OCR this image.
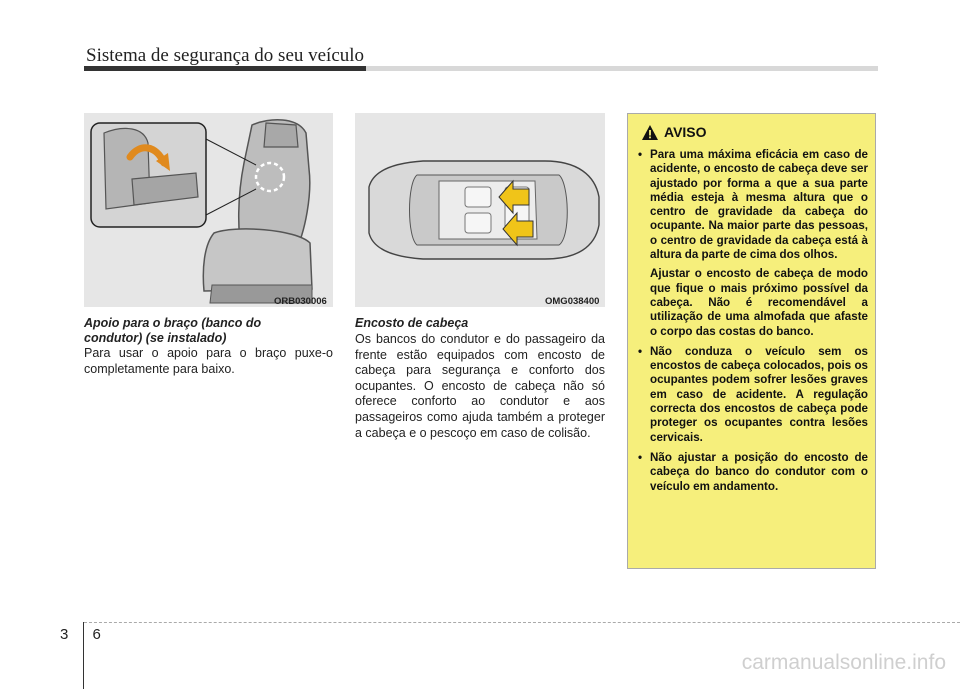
Sistema de segurança do seu veículo
ORB030006
Apoio para o braço (banco do condutor) (se instalado)
Para usar o apoio para o braço puxe-o completamente para baixo.
OMG038400
Encosto de cabeça
Os bancos do condutor e do passageiro da frente estão equipados com encosto de cabeça para segurança e conforto dos ocupantes. O encosto de cabeça não só oferece conforto ao condutor e aos passageiros como ajuda também a proteger a cabeça e o pescoço em caso de colisão.
AVISO

• Para uma máxima eficácia em caso de acidente, o encosto de cabeça deve ser ajustado por forma a que a sua parte média esteja à mesma altura que o centro de gravidade da cabeça do ocupante. Na maior parte das pessoas, o centro de gravidade da cabeça está à altura da parte de cima dos olhos.

Ajustar o encosto de cabeça de modo que fique o mais próximo possível da cabeça. Não é recomendável a utilização de uma almofada que afaste o corpo das costas do banco.

• Não conduza o veículo sem os encostos de cabeça colocados, pois os ocupantes podem sofrer lesões graves em caso de acidente. A regulação correcta dos encostos de cabeça pode proteger os ocupantes contra lesões cervicais.

• Não ajustar a posição do encosto de cabeça do banco do condutor com o veículo em andamento.

3 6
carmanualsonline.info
